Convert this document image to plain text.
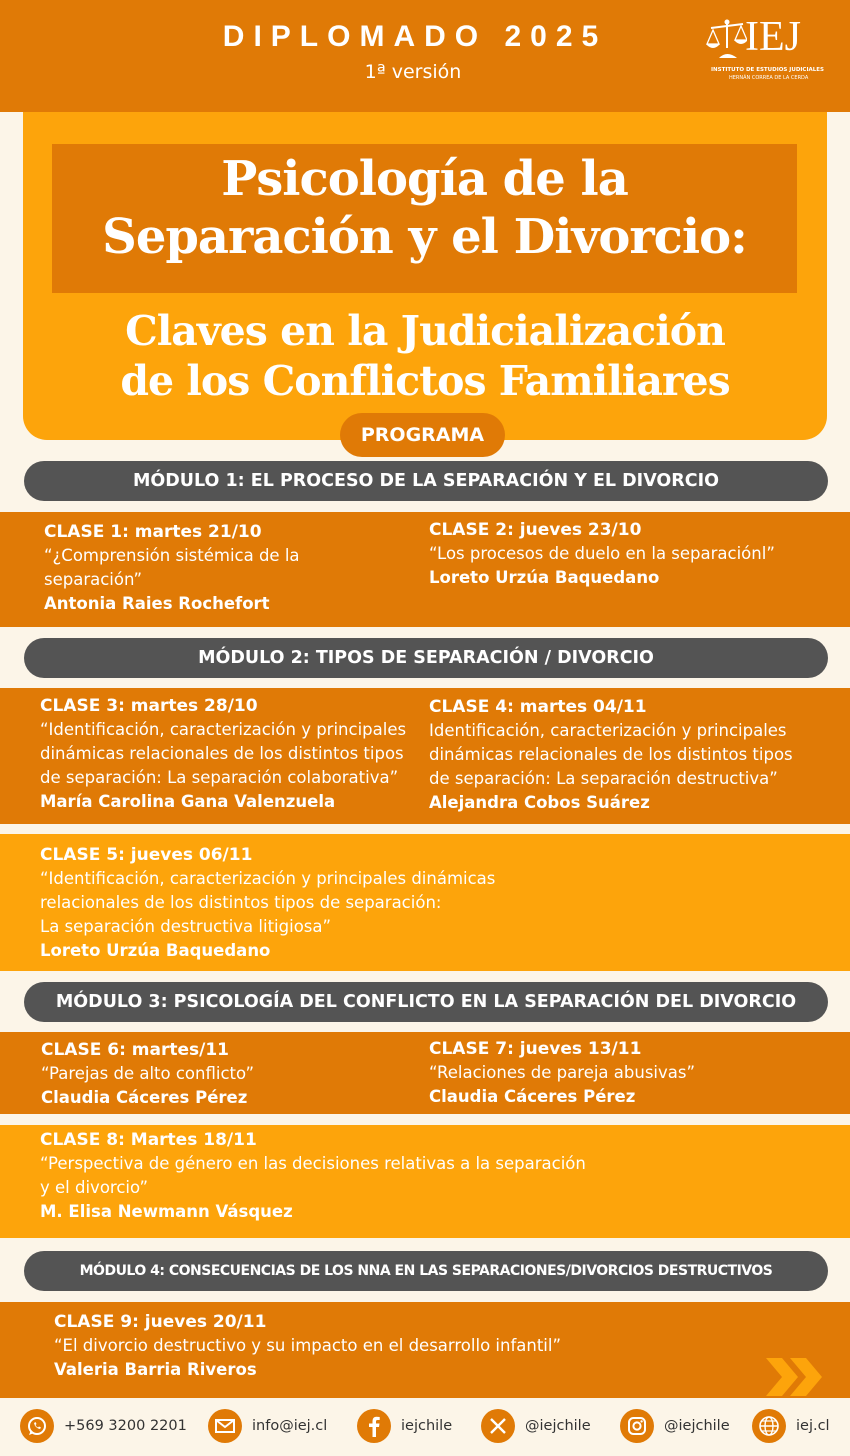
DIPLOMADO 2025
1ª versión
IEJ
INSTITUTO DE ESTUDIOS JUDICIALES
HERNÁN CORREA DE LA CERDA
Psicología de la
Separación y el Divorcio:
Claves en la Judicialización
de los Conflictos Familiares
PROGRAMA
MÓDULO 1: EL PROCESO DE LA SEPARACIÓN Y EL DIVORCIO
CLASE 1: martes 21/10
“¿Comprensión sistémica de la
separación”
Antonia Raies Rochefort
CLASE 2: jueves 23/10
“Los procesos de duelo en la separaciónl”
Loreto Urzúa Baquedano
MÓDULO 2: TIPOS DE SEPARACIÓN / DIVORCIO
CLASE 3: martes 28/10
“Identificación, caracterización y principales
dinámicas relacionales de los distintos tipos
de separación: La separación colaborativa”
María Carolina Gana Valenzuela
CLASE 4: martes 04/11
Identificación, caracterización y principales
dinámicas relacionales de los distintos tipos
de separación: La separación destructiva”
Alejandra Cobos Suárez
CLASE 5: jueves 06/11
“Identificación, caracterización y principales dinámicas
relacionales de los distintos tipos de separación:
La separación destructiva litigiosa”
Loreto Urzúa Baquedano
MÓDULO 3: PSICOLOGÍA DEL CONFLICTO EN LA SEPARACIÓN DEL DIVORCIO
CLASE 6: martes/11
“Parejas de alto conflicto”
Claudia Cáceres Pérez
CLASE 7: jueves 13/11
“Relaciones de pareja abusivas”
Claudia Cáceres Pérez
CLASE 8: Martes 18/11
“Perspectiva de género en las decisiones relativas a la separación
y el divorcio”
M. Elisa Newmann Vásquez
MÓDULO 4: CONSECUENCIAS DE LOS NNA EN LAS SEPARACIONES/DIVORCIOS DESTRUCTIVOS
CLASE 9: jueves 20/11
“El divorcio destructivo y su impacto en el desarrollo infantil”
Valeria Barria Riveros
+569 3200 2201	info@iej.cl	iejchile	@iejchile	@iejchile	iej.cl
